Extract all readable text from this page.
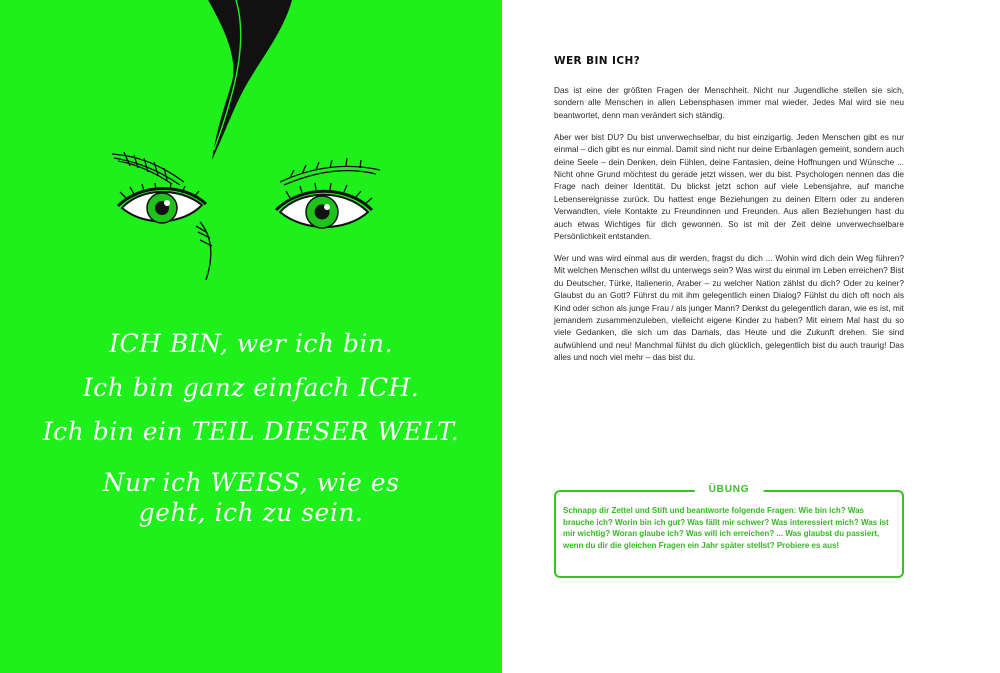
ICH BIN, wer ich bin.
Ich bin ganz einfach ICH.
Ich bin ein TEIL DIESER WELT.
Nur ich WEISS, wie es
geht, ich zu sein.
WER BIN ICH?

Das ist eine der größten Fragen der Menschheit. Nicht nur Jugendliche stellen sie sich, sondern alle Menschen in allen Lebensphasen immer mal wieder. Jedes Mal wird sie neu beantwortet, denn man verändert sich ständig.

Aber wer bist DU? Du bist unverwechselbar, du bist einzigartig. Jeden Menschen gibt es nur einmal – dich gibt es nur einmal. Damit sind nicht nur deine Erbanlagen gemeint, sondern auch deine Seele – dein Denken, dein Fühlen, deine Fantasien, deine Hoffnungen und Wünsche ... Nicht ohne Grund möchtest du gerade jetzt wissen, wer du bist. Psychologen nennen das die Frage nach deiner Identität. Du blickst jetzt schon auf viele Lebensjahre, auf manche Lebensereignisse zurück. Du hattest enge Beziehungen zu deinen Eltern oder zu anderen Verwandten, viele Kontakte zu Freundinnen und Freunden. Aus allen Beziehungen hast du auch etwas Wichtiges für dich gewonnen. So ist mit der Zeit deine unverwechselbare Persönlichkeit entstanden.

Wer und was wird einmal aus dir werden, fragst du dich ... Wohin wird dich dein Weg führen? Mit welchen Menschen willst du unterwegs sein? Was wirst du einmal im Leben erreichen? Bist du Deutscher, Türke, Italienerin, Araber – zu welcher Nation zählst du dich? Oder zu keiner? Glaubst du an Gott? Führst du mit ihm gelegentlich einen Dialog? Fühlst du dich oft noch als Kind oder schon als junge Frau / als junger Mann? Denkst du gelegentlich daran, wie es ist, mit jemandem zusammenzuleben, vielleicht eigene Kinder zu haben? Mit einem Mal hast du so viele Gedanken, die sich um das Damals, das Heute und die Zukunft drehen. Sie sind aufwühlend und neu! Manchmal fühlst du dich glücklich, gelegentlich bist du auch traurig! Das alles und noch viel mehr – das bist du.

ÜBUNG
Schnapp dir Zettel und Stift und beantworte folgende Fragen: Wie bin ich? Was brauche ich? Worin bin ich gut? Was fällt mir schwer? Was interessiert mich? Was ist mir wichtig? Woran glaube ich? Was will ich erreichen? ... Was glaubst du passiert, wenn du dir die gleichen Fragen ein Jahr später stellst? Probiere es aus!
